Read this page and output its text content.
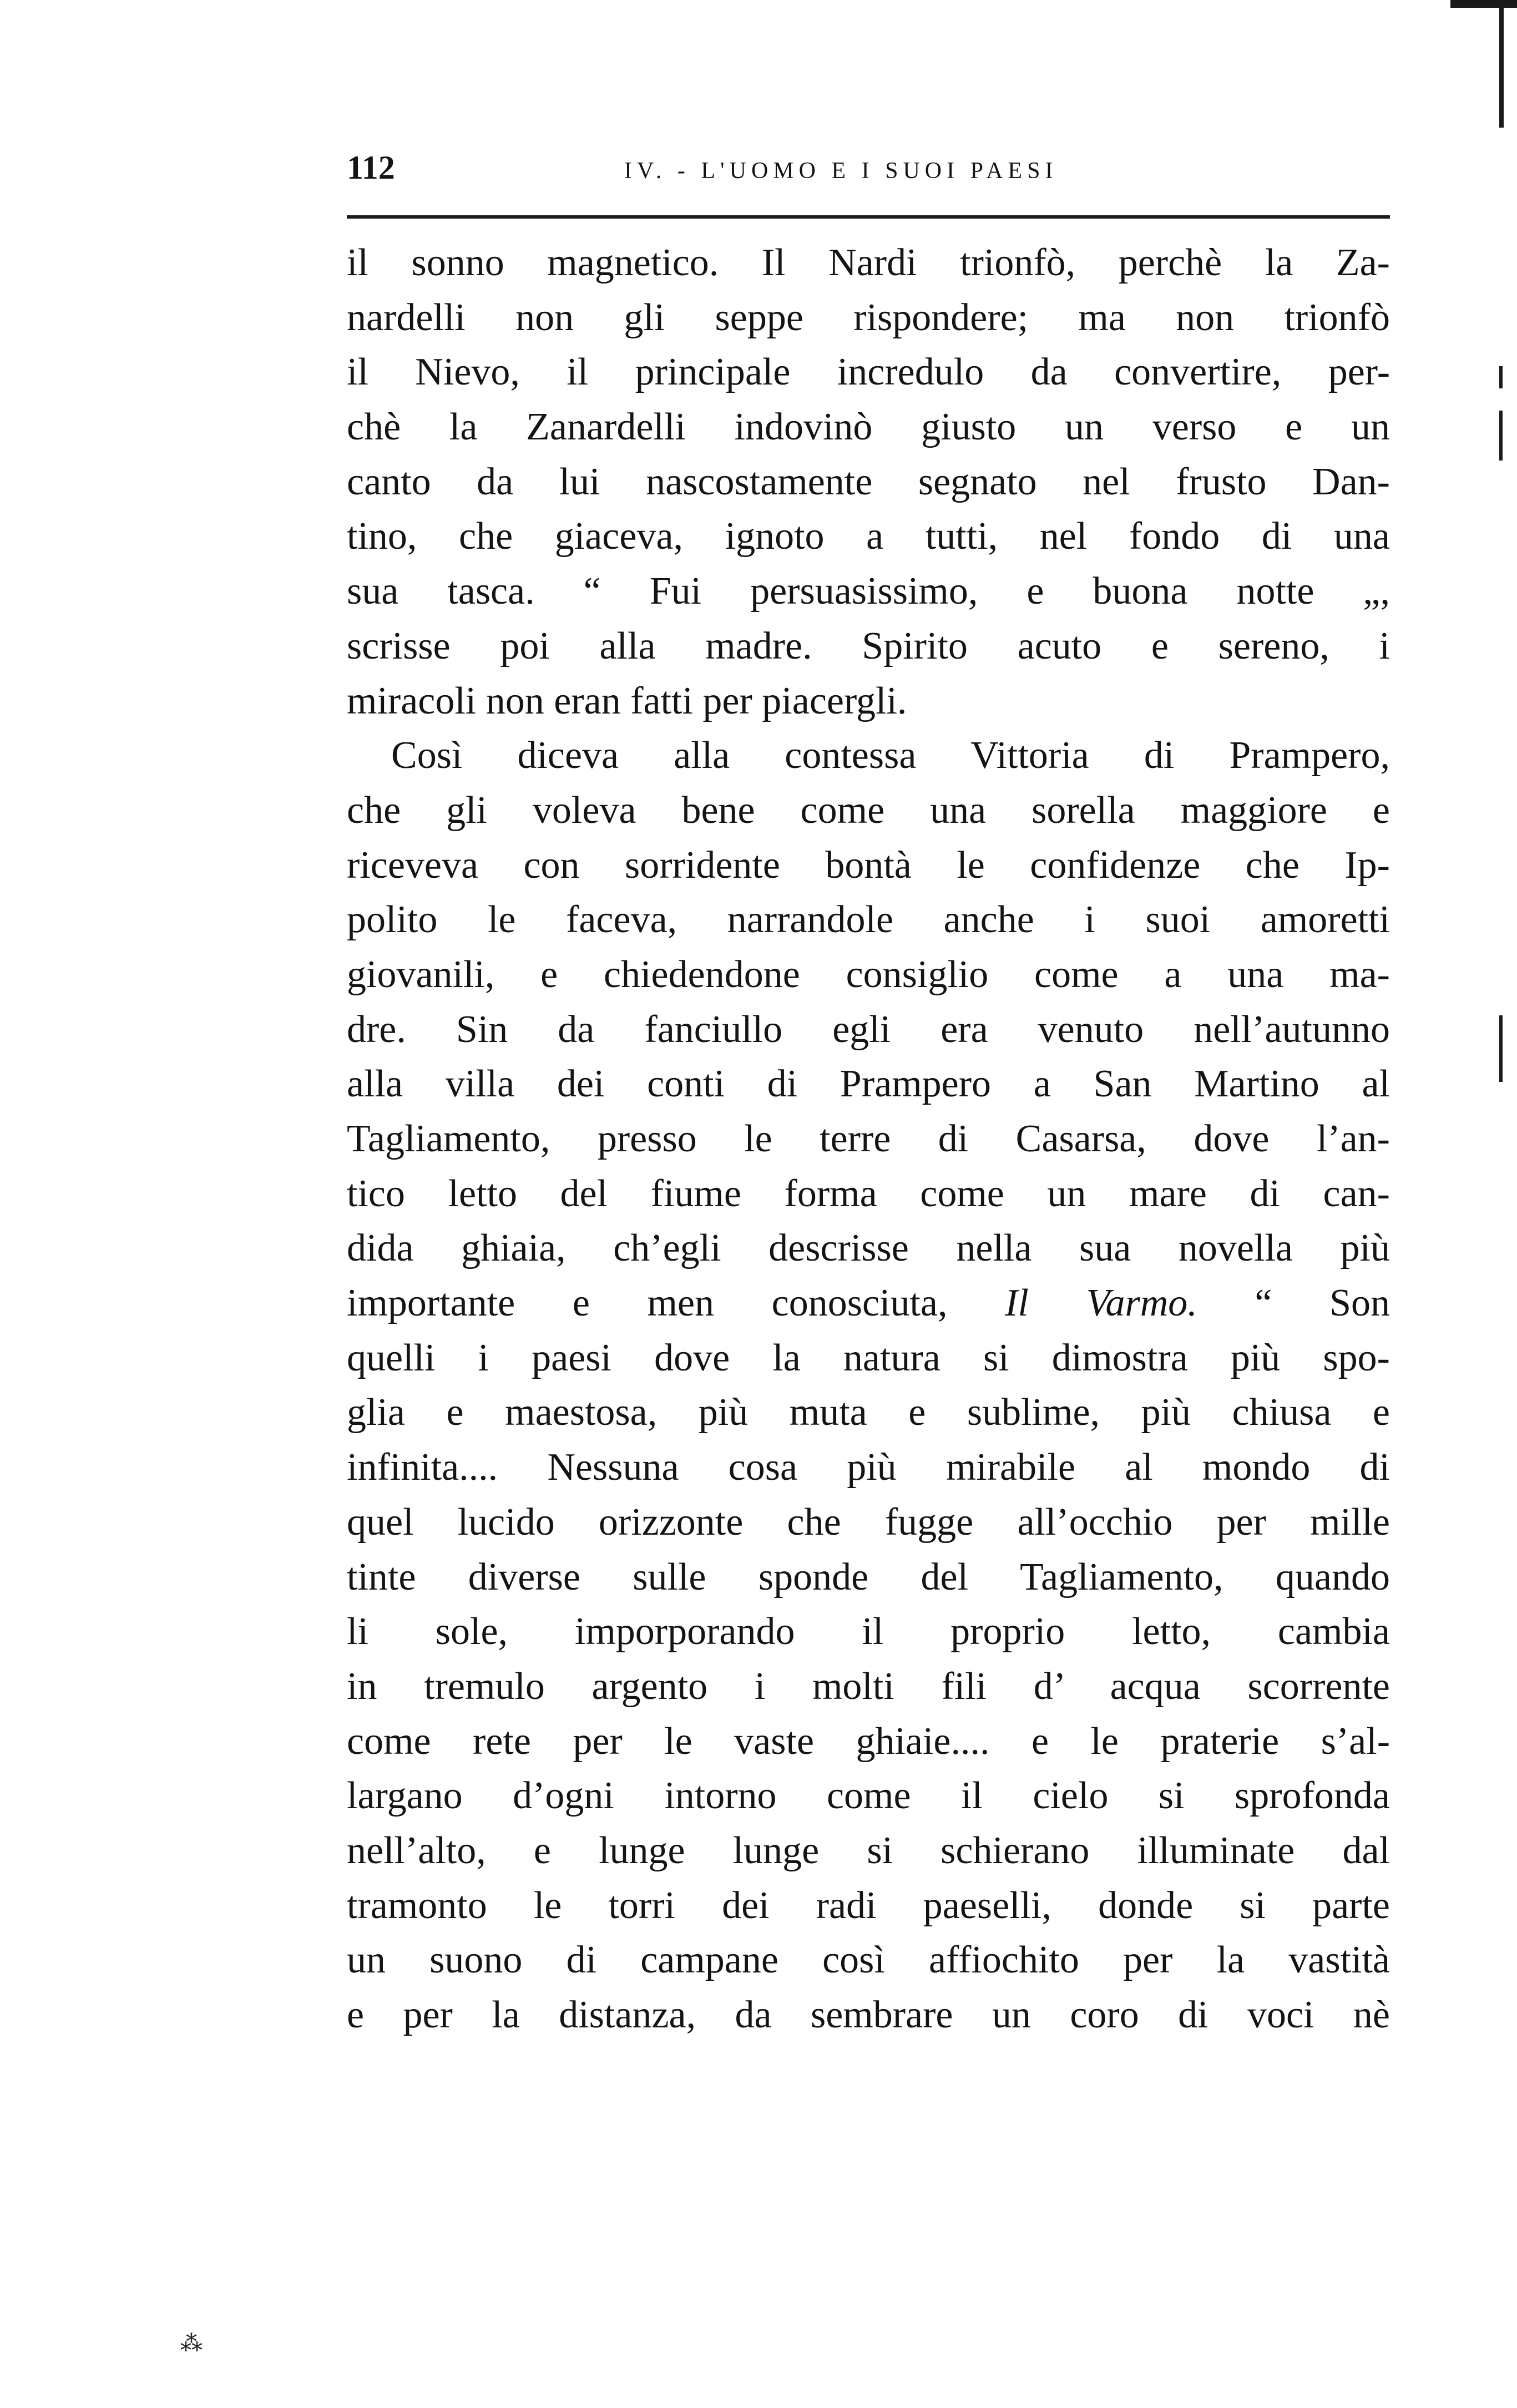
112	IV. - L'UOMO E I SUOI PAESI
il sonno magnetico. Il Nardi trionfò, perchè la Za-
nardelli non gli seppe rispondere; ma non trionfò
il Nievo, il principale incredulo da convertire, per-
chè la Zanardelli indovinò giusto un verso e un
canto da lui nascostamente segnato nel frusto Dan-
tino, che giaceva, ignoto a tutti, nel fondo di una
sua tasca. “ Fui persuasissimo, e buona notte „,
scrisse poi alla madre. Spirito acuto e sereno, i
miracoli non eran fatti per piacergli.
Così diceva alla contessa Vittoria di Prampero,
che gli voleva bene come una sorella maggiore e
riceveva con sorridente bontà le confidenze che Ip-
polito le faceva, narrandole anche i suoi amoretti
giovanili, e chiedendone consiglio come a una ma-
dre. Sin da fanciullo egli era venuto nell’autunno
alla villa dei conti di Prampero a San Martino al
Tagliamento, presso le terre di Casarsa, dove l’an-
tico letto del fiume forma come un mare di can-
dida ghiaia, ch’egli descrisse nella sua novella più
importante e men conosciuta, Il Varmo. “ Son
quelli i paesi dove la natura si dimostra più spo-
glia e maestosa, più muta e sublime, più chiusa e
infinita.... Nessuna cosa più mirabile al mondo di
quel lucido orizzonte che fugge all’occhio per mille
tinte diverse sulle sponde del Tagliamento, quando
li sole, imporporando il proprio letto, cambia
in tremulo argento i molti fili d’ acqua scorrente
come rete per le vaste ghiaie.... e le praterie s’al-
largano d’ogni intorno come il cielo si sprofonda
nell’alto, e lunge lunge si schierano illuminate dal
tramonto le torri dei radi paeselli, donde si parte
un suono di campane così affiochito per la vastità
e per la distanza, da sembrare un coro di voci nè
⁂
